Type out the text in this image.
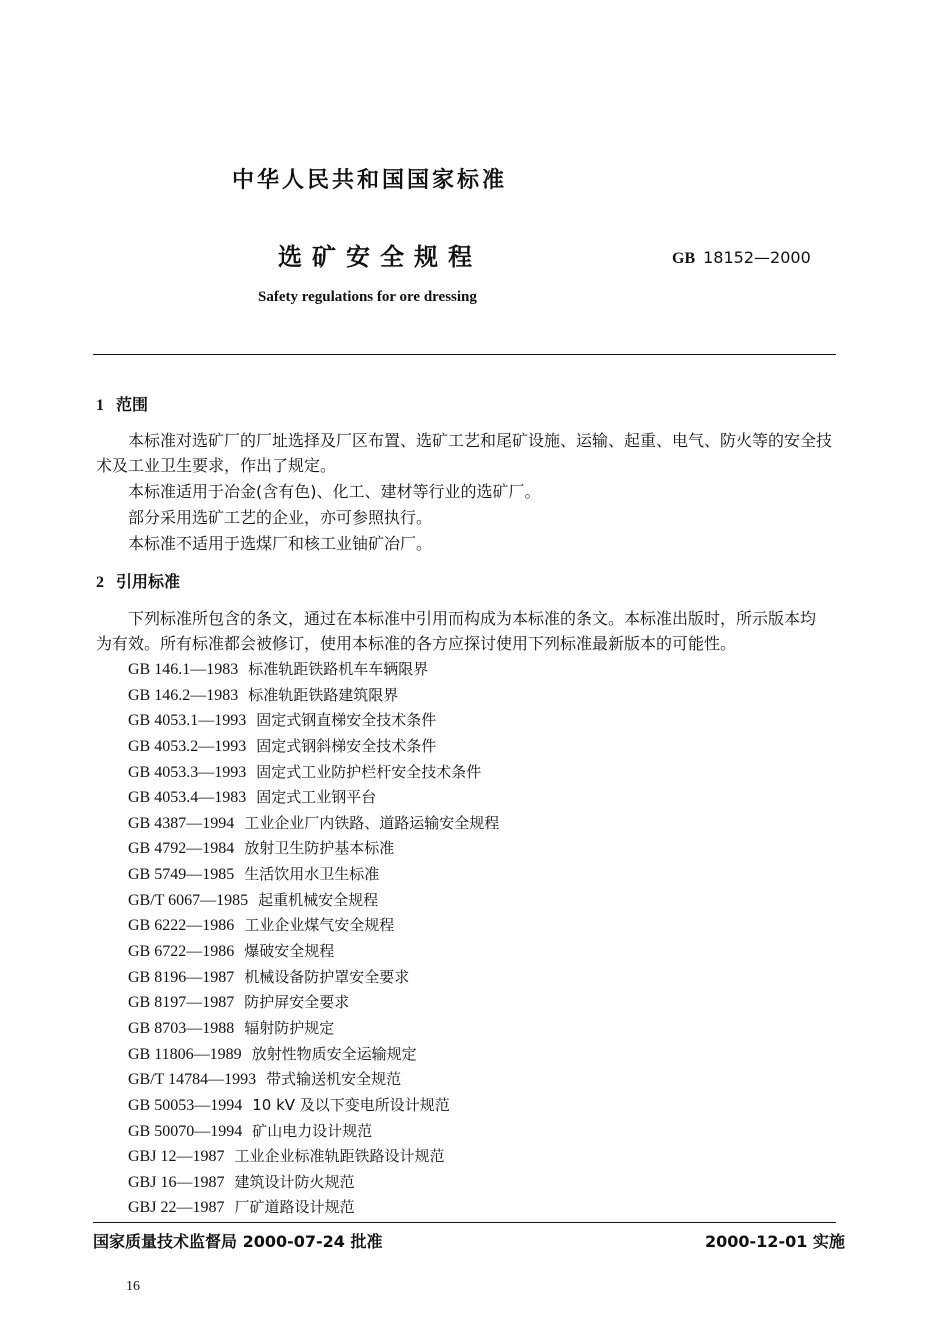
中华人民共和国国家标准
选矿安全规程	GB 18152—2000
Safety regulations for ore dressing
1 范围
本标准对选矿厂的厂址选择及厂区布置、选矿工艺和尾矿设施、运输、起重、电气、防火等的安全技
术及工业卫生要求，作出了规定。
本标准适用于冶金(含有色)、化工、建材等行业的选矿厂。
部分采用选矿工艺的企业，亦可参照执行。
本标准不适用于选煤厂和核工业铀矿冶厂。
2 引用标准
下列标准所包含的条文，通过在本标准中引用而构成为本标准的条文。本标准出版时，所示版本均
为有效。所有标准都会被修订，使用本标准的各方应探讨使用下列标准最新版本的可能性。
GB 146.1—1983 标准轨距铁路机车车辆限界
GB 146.2—1983 标准轨距铁路建筑限界
GB 4053.1—1993 固定式钢直梯安全技术条件
GB 4053.2—1993 固定式钢斜梯安全技术条件
GB 4053.3—1993 固定式工业防护栏杆安全技术条件
GB 4053.4—1983 固定式工业钢平台
GB 4387—1994 工业企业厂内铁路、道路运输安全规程
GB 4792—1984 放射卫生防护基本标准
GB 5749—1985 生活饮用水卫生标准
GB/T 6067—1985 起重机械安全规程
GB 6222—1986 工业企业煤气安全规程
GB 6722—1986 爆破安全规程
GB 8196—1987 机械设备防护罩安全要求
GB 8197—1987 防护屏安全要求
GB 8703—1988 辐射防护规定
GB 11806—1989 放射性物质安全运输规定
GB/T 14784—1993 带式输送机安全规范
GB 50053—1994 10 kV 及以下变电所设计规范
GB 50070—1994 矿山电力设计规范
GBJ 12—1987 工业企业标准轨距铁路设计规范
GBJ 16—1987 建筑设计防火规范
GBJ 22—1987 厂矿道路设计规范
国家质量技术监督局 2000-07-24 批准	2000-12-01 实施
16
